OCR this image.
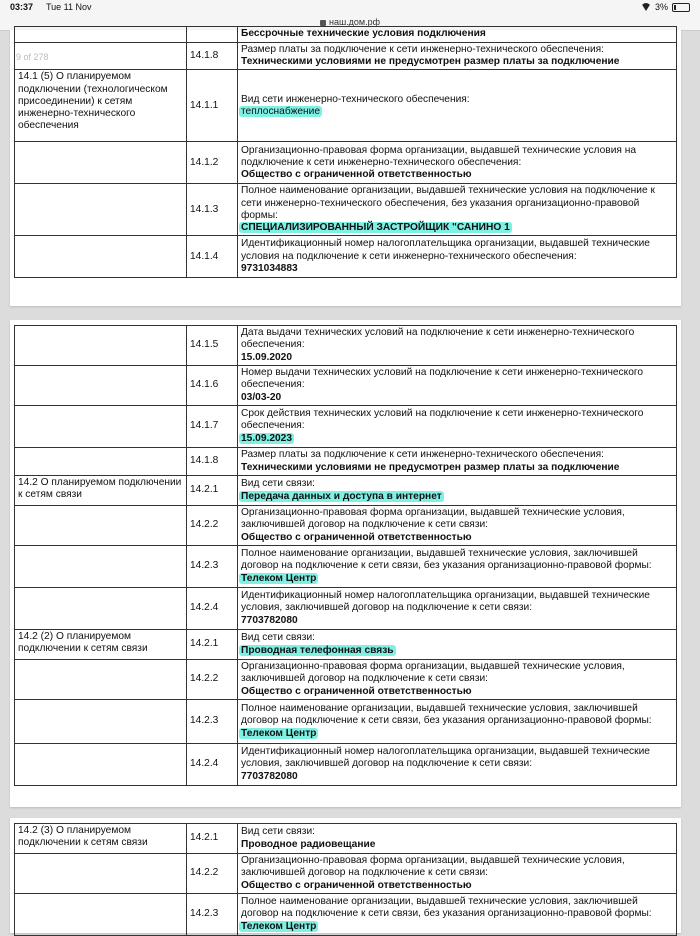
03:37 Tue 11 Nov	3%
наш.дом.рф
9 of 278
		Бессрочные технические условия подключения
	14.1.8	Размер платы за подключение к сети инженерно-технического обеспечения:
Техническими условиями не предусмотрен размер платы за подключение

14.1 (5) О планируемом подключении (технологическом присоединении) к сетям инженерно-технического обеспечения	14.1.1	Вид сети инженерно-технического обеспечения:
теплоснабжение

	14.1.2	Организационно-правовая форма организации, выдавшей технические условия на подключение к сети инженерно-технического обеспечения:
Общество с ограниченной ответственностью

	14.1.3	Полное наименование организации, выдавшей технические условия на подключение к сети инженерно-технического обеспечения, без указания организационно-правовой формы:
СПЕЦИАЛИЗИРОВАННЫЙ ЗАСТРОЙЩИК "САНИНО 1

	14.1.4	Идентификационный номер налогоплательщика организации, выдавшей технические условия на подключение к сети инженерно-технического обеспечения:
9731034883
	14.1.5	Дата выдачи технических условий на подключение к сети инженерно-технического обеспечения:
15.09.2020

	14.1.6	Номер выдачи технических условий на подключение к сети инженерно-технического обеспечения:
03/03-20

	14.1.7	Срок действия технических условий на подключение к сети инженерно-технического обеспечения:
15.09.2023

	14.1.8	Размер платы за подключение к сети инженерно-технического обеспечения:
Техническими условиями не предусмотрен размер платы за подключение

14.2 О планируемом подключении к сетям связи	14.2.1	Вид сети связи:
Передача данных и доступа в интернет

	14.2.2	Организационно-правовая форма организации, выдавшей технические условия, заключившей договор на подключение к сети связи:
Общество с ограниченной ответственностью

	14.2.3	Полное наименование организации, выдавшей технические условия, заключившей договор на подключение к сети связи, без указания организационно-правовой формы:
Телеком Центр

	14.2.4	Идентификационный номер налогоплательщика организации, выдавшей технические условия, заключившей договор на подключение к сети связи:
7703782080

14.2 (2) О планируемом подключении к сетям связи	14.2.1	Вид сети связи:
Проводная телефонная связь

	14.2.2	Организационно-правовая форма организации, выдавшей технические условия, заключившей договор на подключение к сети связи:
Общество с ограниченной ответственностью

	14.2.3	Полное наименование организации, выдавшей технические условия, заключившей договор на подключение к сети связи, без указания организационно-правовой формы:
Телеком Центр

	14.2.4	Идентификационный номер налогоплательщика организации, выдавшей технические условия, заключившей договор на подключение к сети связи:
7703782080
14.2 (3) О планируемом подключении к сетям связи	14.2.1	Вид сети связи:
Проводное радиовещание

	14.2.2	Организационно-правовая форма организации, выдавшей технические условия, заключившей договор на подключение к сети связи:
Общество с ограниченной ответственностью

	14.2.3	Полное наименование организации, выдавшей технические условия, заключившей договор на подключение к сети связи, без указания организационно-правовой формы:
Телеком Центр
